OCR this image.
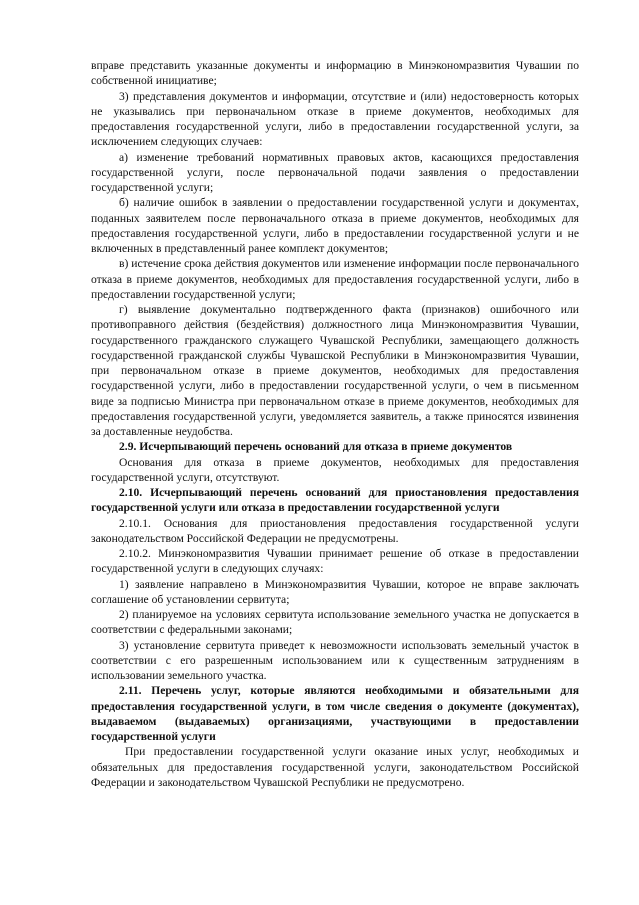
вправе представить указанные документы и информацию в Минэкономразвития Чувашии по собственной инициативе;

3) представления документов и информации, отсутствие и (или) недостоверность которых не указывались при первоначальном отказе в приеме документов, необходимых для предоставления государственной услуги, либо в предоставлении государственной услуги, за исключением следующих случаев:

а) изменение требований нормативных правовых актов, касающихся предоставления государственной услуги, после первоначальной подачи заявления о предоставлении государственной услуги;

б) наличие ошибок в заявлении о предоставлении государственной услуги и документах, поданных заявителем после первоначального отказа в приеме документов, необходимых для предоставления государственной услуги, либо в предоставлении государственной услуги и не включенных в представленный ранее комплект документов;

в) истечение срока действия документов или изменение информации после первоначального отказа в приеме документов, необходимых для предоставления государственной услуги, либо в предоставлении государственной услуги;

г) выявление документально подтвержденного факта (признаков) ошибочного или противоправного действия (бездействия) должностного лица Минэкономразвития Чувашии, государственного гражданского служащего Чувашской Республики, замещающего должность государственной гражданской службы Чувашской Республики в Минэкономразвития Чувашии, при первоначальном отказе в приеме документов, необходимых для предоставления государственной услуги, либо в предоставлении государственной услуги, о чем в письменном виде за подписью Министра при первоначальном отказе в приеме документов, необходимых для предоставления государственной услуги, уведомляется заявитель, а также приносятся извинения за доставленные неудобства.

2.9. Исчерпывающий перечень оснований для отказа в приеме документов

Основания для отказа в приеме документов, необходимых для предоставления государственной услуги, отсутствуют.

2.10. Исчерпывающий перечень оснований для приостановления предоставления государственной услуги или отказа в предоставлении государственной услуги

2.10.1. Основания для приостановления предоставления государственной услуги законодательством Российской Федерации не предусмотрены.

2.10.2. Минэкономразвития Чувашии принимает решение об отказе в предоставлении государственной услуги в следующих случаях:

1) заявление направлено в Минэкономразвития Чувашии, которое не вправе заключать соглашение об установлении сервитута;

2) планируемое на условиях сервитута использование земельного участка не допускается в соответствии с федеральными законами;

3) установление сервитута приведет к невозможности использовать земельный участок в соответствии с его разрешенным использованием или к существенным затруднениям в использовании земельного участка.

2.11. Перечень услуг, которые являются необходимыми и обязательными для предоставления государственной услуги, в том числе сведения о документе (документах), выдаваемом (выдаваемых) организациями, участвующими в предоставлении государственной услуги

При предоставлении государственной услуги оказание иных услуг, необходимых и обязательных для предоставления государственной услуги, законодательством Российской Федерации и законодательством Чувашской Республики не предусмотрено.
